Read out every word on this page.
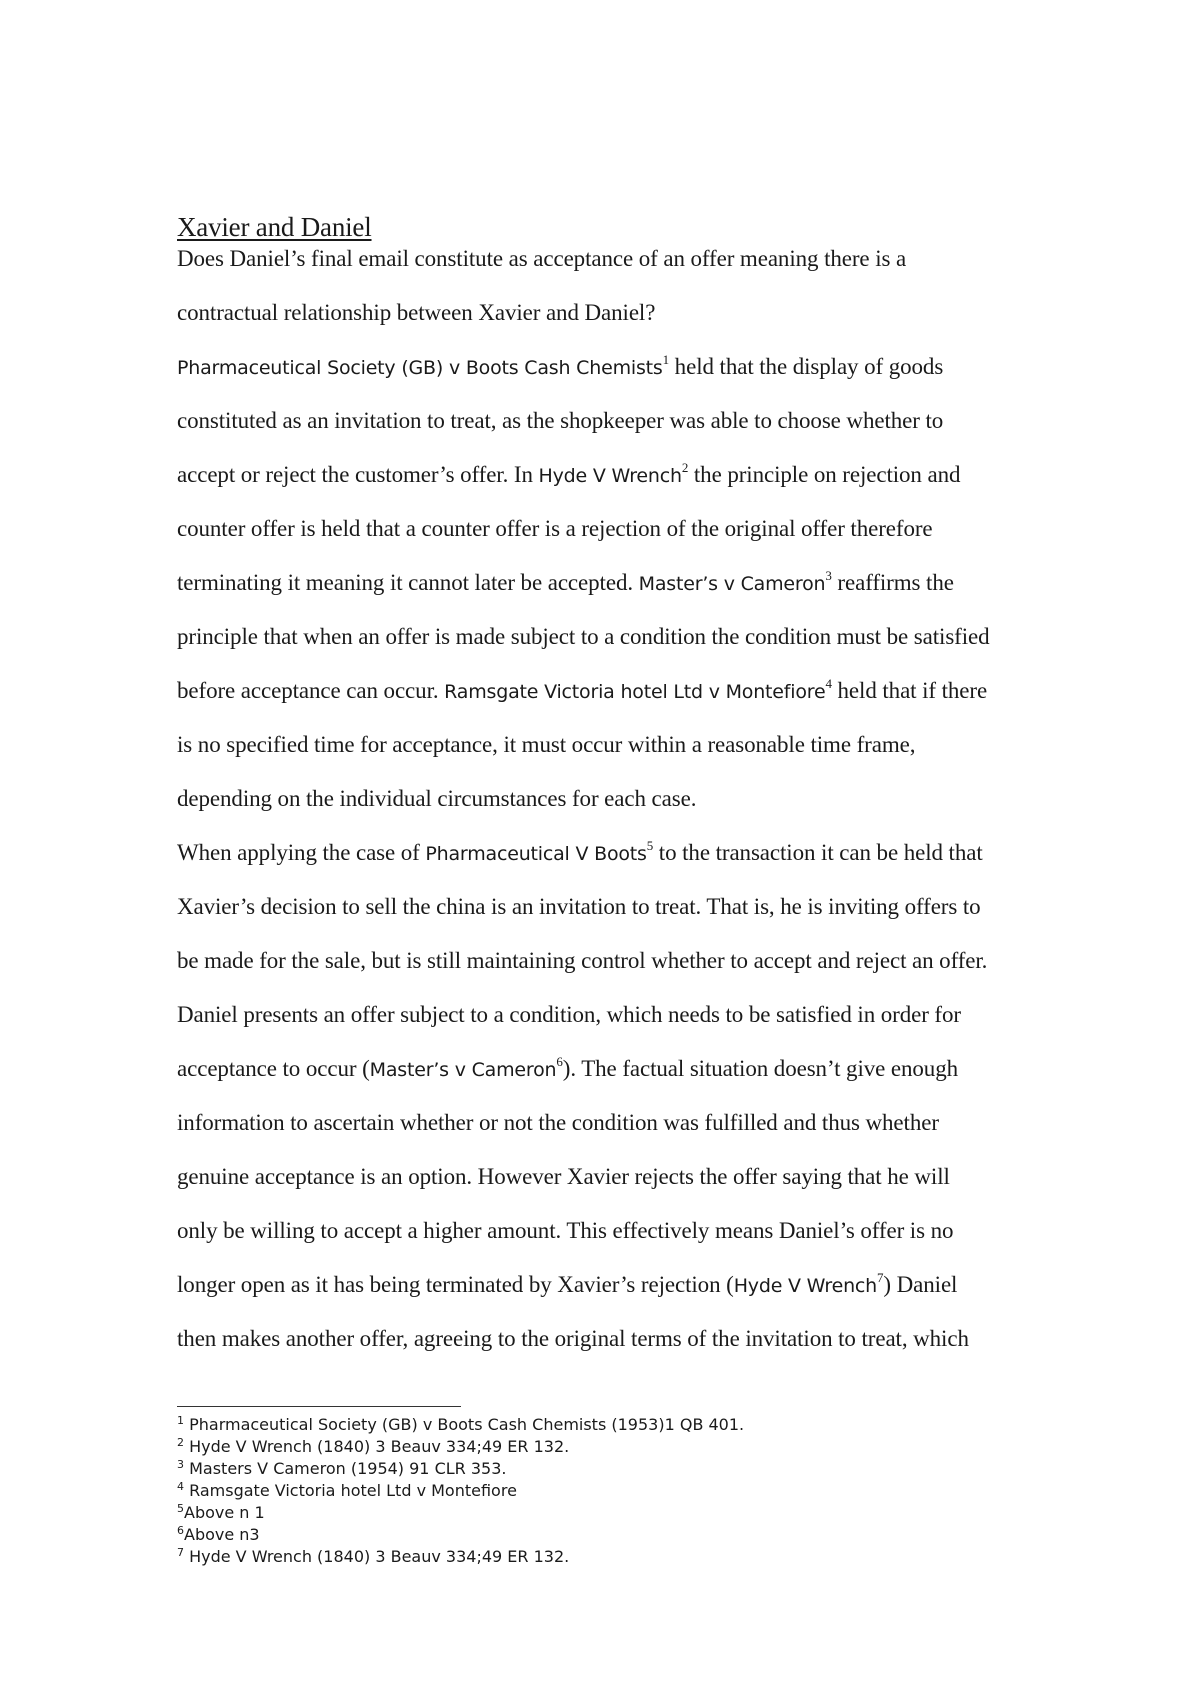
Xavier and Daniel
Does Daniel’s final email constitute as acceptance of an offer meaning there is a
contractual relationship between Xavier and Daniel?
Pharmaceutical Society (GB) v Boots Cash Chemists$^1$ held that the display of goods
constituted as an invitation to treat, as the shopkeeper was able to choose whether to
accept or reject the customer’s offer. In Hyde V Wrench$^2$ the principle on rejection and
counter offer is held that a counter offer is a rejection of the original offer therefore
terminating it meaning it cannot later be accepted. Master’s v Cameron$^3$ reaffirms the
principle that when an offer is made subject to a condition the condition must be satisfied
before acceptance can occur. Ramsgate Victoria hotel Ltd v Montefiore$^4$ held that if there
is no specified time for acceptance, it must occur within a reasonable time frame,
depending on the individual circumstances for each case.
When applying the case of Pharmaceutical V Boots$^5$ to the transaction it can be held that
Xavier’s decision to sell the china is an invitation to treat. That is, he is inviting offers to
be made for the sale, but is still maintaining control whether to accept and reject an offer.
Daniel presents an offer subject to a condition, which needs to be satisfied in order for
acceptance to occur (Master’s v Cameron$^6$). The factual situation doesn’t give enough
information to ascertain whether or not the condition was fulfilled and thus whether
genuine acceptance is an option. However Xavier rejects the offer saying that he will
only be willing to accept a higher amount. This effectively means Daniel’s offer is no
longer open as it has being terminated by Xavier’s rejection (Hyde V Wrench$^7$) Daniel
then makes another offer, agreeing to the original terms of the invitation to treat, which
$^1$ Pharmaceutical Society (GB) v Boots Cash Chemists (1953)1 QB 401.
$^2$ Hyde V Wrench (1840) 3 Beauv 334;49 ER 132.
$^3$ Masters V Cameron (1954) 91 CLR 353.
$^4$ Ramsgate Victoria hotel Ltd v Montefiore
$^5$Above n 1
$^6$Above n3
$^7$ Hyde V Wrench (1840) 3 Beauv 334;49 ER 132.
